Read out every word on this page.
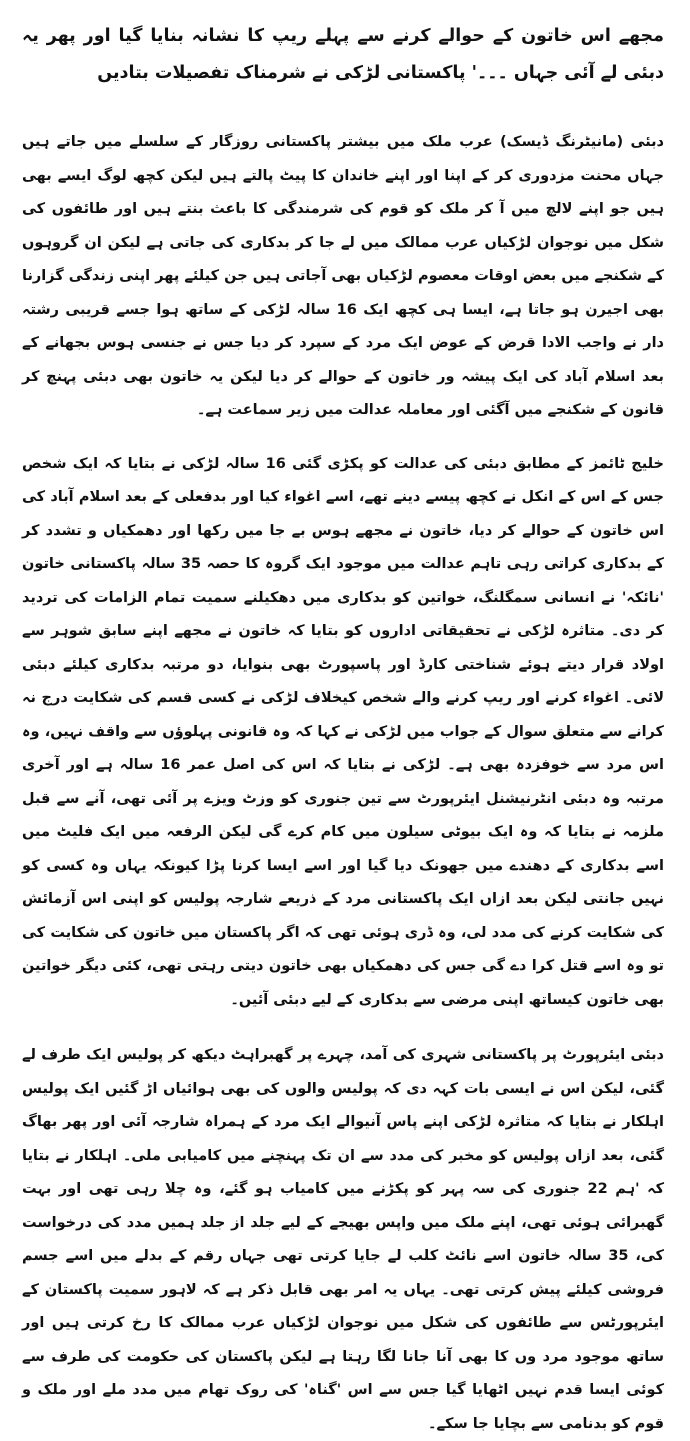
مجھے اس خاتون کے حوالے کرنے سے پہلے ریپ کا نشانہ بنایا گیا اور پھر یہ دبئی لے آئی جہاں ۔۔۔' پاکستانی لڑکی نے شرمناک تفصیلات بتادیں

دبئی (مانیٹرنگ ڈیسک) عرب ملک میں بیشتر پاکستانی روزگار کے سلسلے میں جاتے ہیں جہاں محنت مزدوری کر کے اپنا اور اپنے خاندان کا پیٹ پالتے ہیں لیکن کچھ لوگ ایسے بھی ہیں جو اپنے لالچ میں آ کر ملک کو قوم کی شرمندگی کا باعث بنتے ہیں اور طائفوں کی شکل میں نوجوان لڑکیاں عرب ممالک میں لے جا کر بدکاری کی جاتی ہے لیکن ان گروہوں کے شکنجے میں بعض اوقات معصوم لڑکیاں بھی آجاتی ہیں جن کیلئے پھر اپنی زندگی گزارنا بھی اجیرن ہو جاتا ہے، ایسا ہی کچھ ایک 16 سالہ لڑکی کے ساتھ ہوا جسے قریبی رشتہ دار نے واجب الادا قرض کے عوض ایک مرد کے سپرد کر دیا جس نے جنسی ہوس بجھانے کے بعد اسلام آباد کی ایک پیشہ ور خاتون کے حوالے کر دیا لیکن یہ خاتون بھی دبئی پہنچ کر قانون کے شکنجے میں آگئی اور معاملہ عدالت میں زیر سماعت ہے۔

خلیج ٹائمز کے مطابق دبئی کی عدالت کو پکڑی گئی 16 سالہ لڑکی نے بتایا کہ ایک شخص جس کے اس کے انکل نے کچھ پیسے دینے تھے، اسے اغواء کیا اور بدفعلی کے بعد اسلام آباد کی اس خاتون کے حوالے کر دیا، خاتون نے مجھے ہوس بے جا میں رکھا اور دھمکیاں و تشدد کر کے بدکاری کراتی رہی تاہم عدالت میں موجود ایک گروہ کا حصہ 35 سالہ پاکستانی خاتون 'نائکہ' نے انسانی سمگلنگ، خواتین کو بدکاری میں دھکیلنے سمیت تمام الزامات کی تردید کر دی۔ متاثرہ لڑکی نے تحقیقاتی اداروں کو بتایا کہ خاتون نے مجھے اپنے سابق شوہر سے اولاد قرار دیتے ہوئے شناختی کارڈ اور پاسپورٹ بھی بنوایا، دو مرتبہ بدکاری کیلئے دبئی لائی۔ اغواء کرنے اور ریپ کرنے والے شخص کیخلاف لڑکی نے کسی قسم کی شکایت درج نہ کرانے سے متعلق سوال کے جواب میں لڑکی نے کہا کہ وہ قانونی پہلوؤں سے واقف نہیں، وہ اس مرد سے خوفزدہ بھی ہے۔ لڑکی نے بتایا کہ اس کی اصل عمر 16 سالہ ہے اور آخری مرتبہ وہ دبئی انٹرنیشنل ایئرپورٹ سے تین جنوری کو وزٹ ویزے پر آئی تھی، آنے سے قبل ملزمہ نے بتایا کہ وہ ایک بیوٹی سیلون میں کام کرے گی لیکن الرفعہ میں ایک فلیٹ میں اسے بدکاری کے دھندے میں جھونک دیا گیا اور اسے ایسا کرنا پڑا کیونکہ یہاں وہ کسی کو نہیں جانتی لیکن بعد ازاں ایک پاکستانی مرد کے ذریعے شارجہ پولیس کو اپنی اس آزمائش کی شکایت کرنے کی مدد لی، وہ ڈری ہوئی تھی کہ اگر پاکستان میں خاتون کی شکایت کی تو وہ اسے قتل کرا دے گی جس کی دھمکیاں بھی خاتون دیتی رہتی تھی، کئی دیگر خواتین بھی خاتون کیساتھ اپنی مرضی سے بدکاری کے لیے دبئی آئیں۔

دبئی ایئرپورٹ پر پاکستانی شہری کی آمد، چہرے پر گھبراہٹ دیکھ کر پولیس ایک طرف لے گئی، لیکن اس نے ایسی بات کہہ دی کہ پولیس والوں کی بھی ہوائیاں اڑ گئیں ایک پولیس اہلکار نے بتایا کہ متاثرہ لڑکی اپنے پاس آنیوالے ایک مرد کے ہمراہ شارجہ آئی اور پھر بھاگ گئی، بعد ازاں پولیس کو مخبر کی مدد سے ان تک پہنچنے میں کامیابی ملی۔ اہلکار نے بتایا کہ 'ہم 22 جنوری کی سہ پہر کو پکڑنے میں کامیاب ہو گئے، وہ چلا رہی تھی اور بہت گھبرائی ہوئی تھی، اپنے ملک میں واپس بھیجے کے لیے جلد از جلد ہمیں مدد کی درخواست کی، 35 سالہ خاتون اسے نائٹ کلب لے جایا کرتی تھی جہاں رقم کے بدلے میں اسے جسم فروشی کیلئے پیش کرتی تھی۔ یہاں یہ امر بھی قابل ذکر ہے کہ لاہور سمیت پاکستان کے ایئرپورٹس سے طائفوں کی شکل میں نوجوان لڑکیاں عرب ممالک کا رخ کرتی ہیں اور ساتھ موجود مرد وں کا بھی آنا جانا لگا رہتا ہے لیکن پاکستان کی حکومت کی طرف سے کوئی ایسا قدم نہیں اٹھایا گیا جس سے اس 'گناہ' کی روک تھام میں مدد ملے اور ملک و قوم کو بدنامی سے بچایا جا سکے۔
